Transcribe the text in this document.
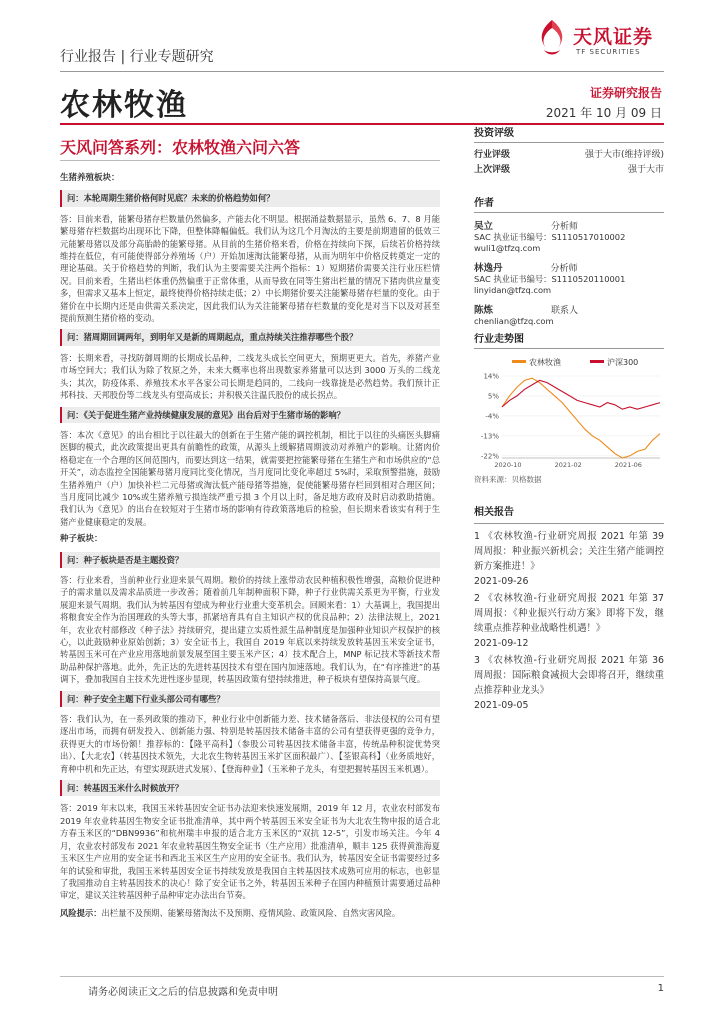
行业报告 | 行业专题研究
天风证券
TF SECURITIES
农林牧渔	证券研究报告
2021 年 10 月 09 日
天风问答系列：农林牧渔六问六答
生猪养殖板块：
问：本轮周期生猪价格何时见底？未来的价格趋势如何？

答：目前来看，能繁母猪存栏数量仍然偏多，产能去化不明显。根据涌益数据显示，虽然 6、7、8 月能繁母猪存栏数据均出现环比下降，但整体降幅偏低。我们认为这几个月淘汰的主要是前期遗留的低效三元能繁母猪以及部分高胎龄的能繁母猪。从目前的生猪价格来看，价格在持续向下探，后续若价格持续维持在低位，有可能使得部分养殖场（户）开始加速淘汰能繁母猪，从而为明年中价格反转奠定一定的理论基础。关于价格趋势的判断，我们认为主要需要关注两个指标：1）短期猪价需要关注行业压栏情况。目前来看，生猪出栏体重仍然偏重于正常体重，从而导致在同等生猪出栏量的情况下猪肉供应量变多，但需求又基本上恒定，最终使得价格持续走低；2）中长期猪价要关注能繁母猪存栏量的变化。由于猪价在中长期内还是由供需关系决定，因此我们认为关注能繁母猪存栏数量的变化是对当下以及对甚至提前预测生猪价格的变动。

问：猪周期回调两年，到明年又是新的周期起点，重点持续关注推荐哪些个股？

答：长期来看，寻找防御周期的长期成长品种，二线龙头成长空间更大，预期更更大。首先，养猪产业市场空间大；我们认为除了牧原之外，未来大概率也将出现数家养猪量可以达到 3000 万头的二线龙头；其次，防疫体系、养殖技术水平各家公司长期是趋同的，二线向一线靠拢是必然趋势。我们预计正邦科技、天邦股份等二线龙头有望高成长；并积极关注温氏股份的成长拐点。

问：《关于促进生猪产业持续健康发展的意见》出台后对于生猪市场的影响？

答：本次《意见》的出台相比于以往最大的创新在于生猪产能的调控机制，相比于以往的头痛医头脚痛医脚的模式，此次政策提出更具有前瞻性的政策，从源头上缓解猪周期波动对养殖户的影响。让猪肉价格稳定在一个合理的区间范围内，而要达到这一结果，就需要把控能繁母猪在生猪生产和市场供应的“总开关”，动态监控全国能繁母猪月度同比变化情况，当月度同比变化率超过 5%时，采取预警措施，鼓励生猪养殖户（户）加快补栏二元母猪或淘汰低产能母猪等措施，促使能繁母猪存栏回到相对合理区间；当月度同比减少 10%或生猪养殖亏损连续严重亏损 3 个月以上时，备足地方政府及时启动救助措施。我们认为《意见》的出台在较短对于生猪市场的影响有待政策落地后的检验，但长期来看该实有利于生猪产业健康稳定的发展。

种子板块：
问：种子板块是否是主题投资？

答：行业来看，当前种业行业迎来景气周期。粮价的持续上涨带动农民种植积极性增强，高粮价促进种子的需求量以及需求品质进一步改善；随着前几年制种面积下降，种子行业供需关系更为平衡，行业发展迎来景气周期。我们认为转基因有望成为种业行业重大变革机会。回顾来看：1）大基调上，我国提出将粮食安全作为治国理政的头等大事，抓紧培育具有自主知识产权的优良品种；2）法律法规上，2021 年，农业农村部修改《种子法》持续研究，提出建立实质性派生品种制度是加强种业知识产权保护的核心，以此鼓励种业原始创新；3）安全证书上，我国自 2019 年底以来持续发放转基因玉米安全证书，转基因玉米可在产业应用落地前景发展至国主要玉米产区；4）技术配合上，MNP 标记技术等新技术帮助品种保护落地。此外，先正达的先进转基因技术有望在国内加速落地。我们认为，在“有序推进”的基调下，叠加我国自主技术先进性逐步显现，转基因政策有望持续推进，种子板块有望保持高景气度。

问：种子安全主题下行业头部公司有哪些？

答：我们认为，在一系列政策的推动下，种业行业中创新能力差、技术储备落后、非法侵权的公司有望逐出市场，而拥有研发投入、创新能力强、特别是转基因技术储备丰富的公司有望获得更强的竞争力，获得更大的市场份额！推荐标的：【隆平高科】（参股公司转基因技术储备丰富，传统品种积淀优势突出）、【大北农】（转基因技术领先，大北农生物转基因玉米扩区面积最广）、【荃银高科】（业务质地好，育种中机和先正达，有望实现跃进式发展）、【登海种业】（玉米种子龙头，有望把握转基因玉米机遇）。

问：转基因玉米什么时候放开？

答：2019 年末以来，我国玉米转基因安全证书办法迎来快速发展期，2019 年 12 月，农业农村部发布 2019 年农业转基因生物安全证书批准清单，其中两个转基因玉米安全证书为大北农生物申报的适合北方春玉米区的“DBN9936”和杭州瑞丰申报的适合北方玉米区的“双抗 12-5”，引发市场关注。今年 4 月，农业农村部发布 2021 年农业转基因生物安全证书（生产应用）批准清单，顺丰 125 获得黄淮海夏玉米区生产应用的安全证书和西北玉米区生产应用的安全证书。我们认为，转基因安全证书需要经过多年的试验和审批，我国玉米转基因安全证书持续发放是我国自主转基因技术成熟可应用的标志，也彰显了我国推动自主转基因技术的决心！除了安全证书之外，转基因玉米种子在国内种植预计需要通过品种审定，建议关注转基因种子品种审定办法出台节奏。

风险提示：出栏量不及预期、能繁母猪淘汰不及预期、疫情风险、政策风险、自然灾害风险。

投资评级
行业评级	强于大市(维持评级)
上次评级	强于大市
作者
吴立	分析师
SAC 执业证书编号：S1110517010002
wuli1@tfzq.com
林逸丹	分析师
SAC 执业证书编号：S1110520110001
linyidan@tfzq.com
陈炼	联系人
chenlian@tfzq.com
行业走势图
农林牧渔	沪深300
14%
5%
-4%
-13%
-22%
2020-10	2021-02	2021-06
资料来源：贝格数据
相关报告
1 《农林牧渔-行业研究周报 2021 年第 39 周周报：种业振兴新机会；关注生猪产能调控新方案推进！》
2021-09-26
2 《农林牧渔-行业研究周报 2021 年第 37 周周报：《种业振兴行动方案》即将下发，继续重点推荐种业战略性机遇！》
2021-09-12
3 《农林牧渔-行业研究周报 2021 年第 36 周周报：国际粮食减损大会即将召开，继续重点推荐种业龙头》
2021-09-05
请务必阅读正文之后的信息披露和免责申明	1
